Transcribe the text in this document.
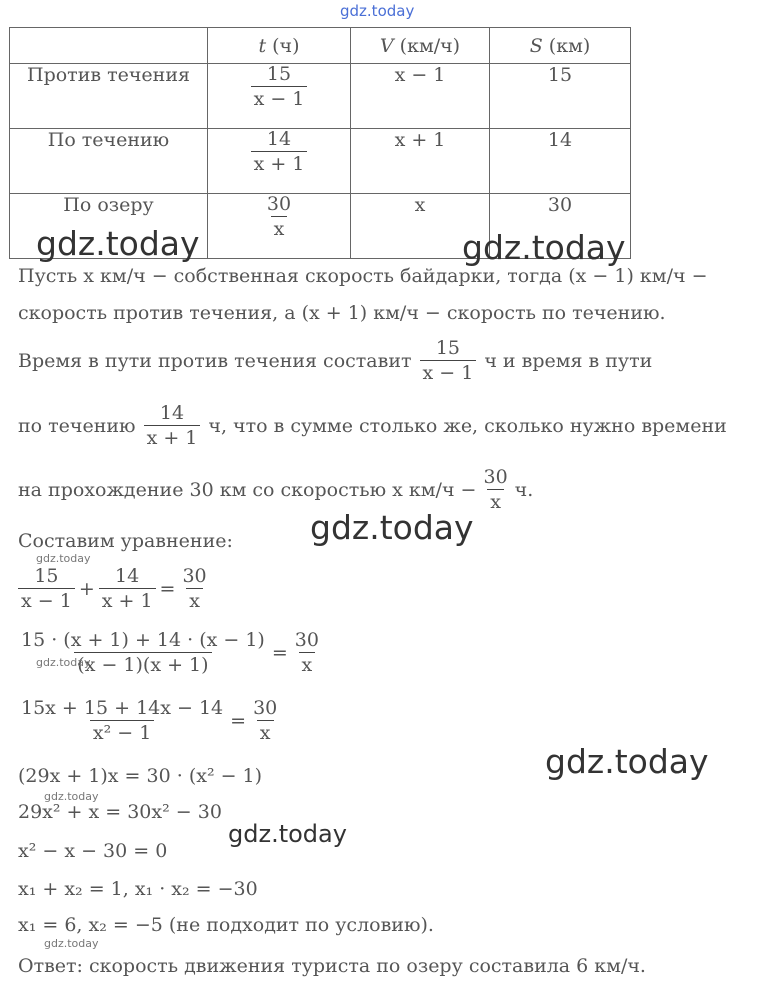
gdz.today
	t (ч)	V (км/ч)	S (км)
Против течения	$\frac{15}{x - 1}$	x − 1	15
По течению	$\frac{14}{x + 1}$	x + 1	14
По озеру	$\frac{30}{x}$	x	30
gdz.today	gdz.today
Пусть x км/ч − собственная скорость байдарки, тогда (x − 1) км/ч −
скорость против течения, а (x + 1) км/ч − скорость по течению.
Время в пути против течения составит $\frac{15}{x - 1}$ ч и время в пути
по течению $\frac{14}{x + 1} ч$, что в сумме столько же, сколько нужно времени
на прохождение 30 км со скоростью x $км/ч - \frac{30}{x} ч$.
gdz.today
Составим уравнение:
gdz.today
$\frac{15}{x - 1} + \frac{14}{x + 1} = \frac{30}{x}$
$\frac{15 \cdot (x + 1) + 14 \cdot (x - 1)}{(x - 1)(x + 1)} = \frac{30}{x}$
gdz.today
$\frac{15x + 15 + 14x - 14}{\text{x² − 1}} = \frac{30}{x}$
gdz.today
(29x + 1)x = 30 · (x² − 1)
gdz.today
29x² + x = 30x² − 30
gdz.today
x² − x − 30 = 0
x₁ + x₂ = 1, x₁ · x₂ = −30
x₁ = 6, x₂ = −5 (не подходит по условию).
gdz.today
Ответ: скорость движения туриста по озеру составила 6 км/ч.
